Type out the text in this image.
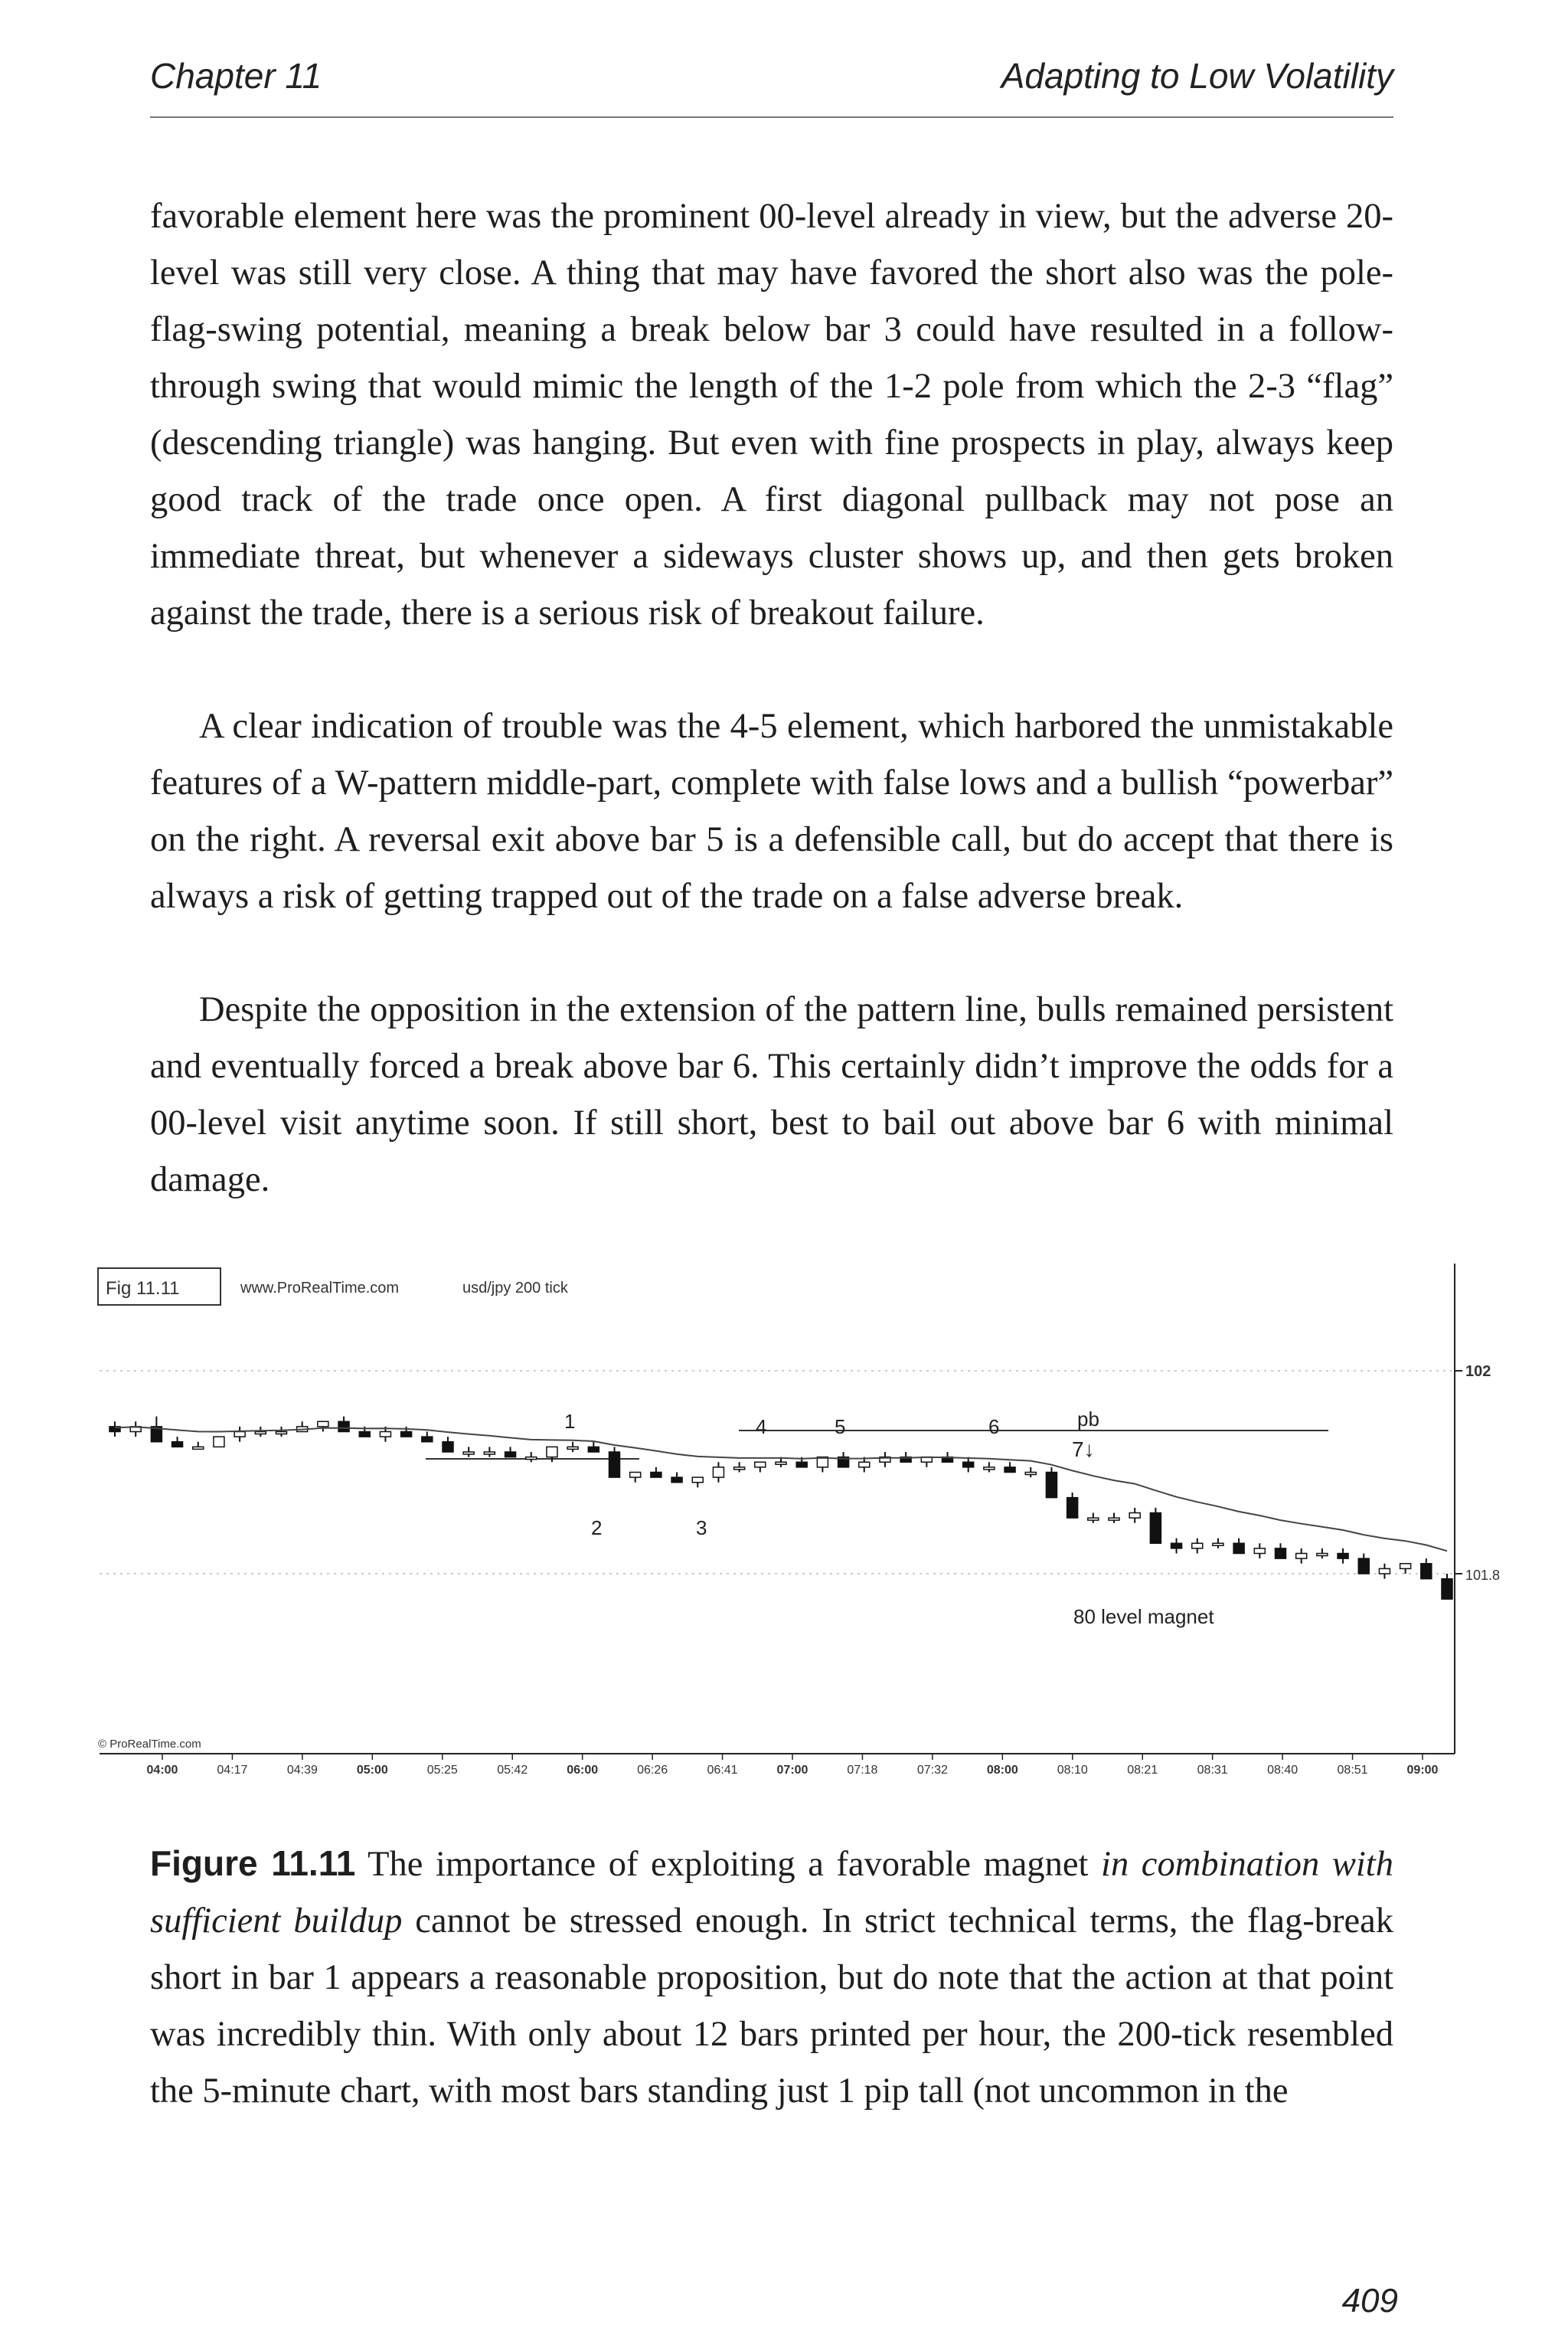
Chapter 11	Adapting to Low Volatility

favorable element here was the prominent 00-level already in view, but the adverse 20-level was still very close. A thing that may have favored the short also was the pole-flag-swing potential, meaning a break below bar 3 could have resulted in a follow-through swing that would mimic the length of the 1-2 pole from which the 2-3 “flag” (descending triangle) was hanging. But even with fine prospects in play, always keep good track of the trade once open. A first diagonal pullback may not pose an immediate threat, but whenever a sideways cluster shows up, and then gets broken against the trade, there is a serious risk of breakout failure.

A clear indication of trouble was the 4-5 element, which harbored the unmistakable features of a W-pattern middle-part, complete with false lows and a bullish “powerbar” on the right. A reversal exit above bar 5 is a defensible call, but do accept that there is always a risk of getting trapped out of the trade on a false adverse break.

Despite the opposition in the extension of the pattern line, bulls remained persistent and eventually forced a break above bar 6. This certainly didn’t improve the odds for a 00-level visit anytime soon. If still short, best to bail out above bar 6 with minimal damage.

Fig 11.11	www.ProRealTime.com	usd/jpy 200 tick
102
101.8
1
2	3
4	5	6	pb
7↓
80 level magnet
© ProRealTime.com
04:00	04:17	04:39	05:00	05:25	05:42	06:00	06:26	06:41	07:00	07:18	07:32	08:00	08:10	08:21	08:31	08:40	08:51	09:00
Figure 11.11 The importance of exploiting a favorable magnet in combination with sufficient buildup cannot be stressed enough. In strict technical terms, the flag-break short in bar 1 appears a reasonable proposition, but do note that the action at that point was incredibly thin. With only about 12 bars printed per hour, the 200-tick resembled the 5-minute chart, with most bars standing just 1 pip tall (not uncommon in the
409
